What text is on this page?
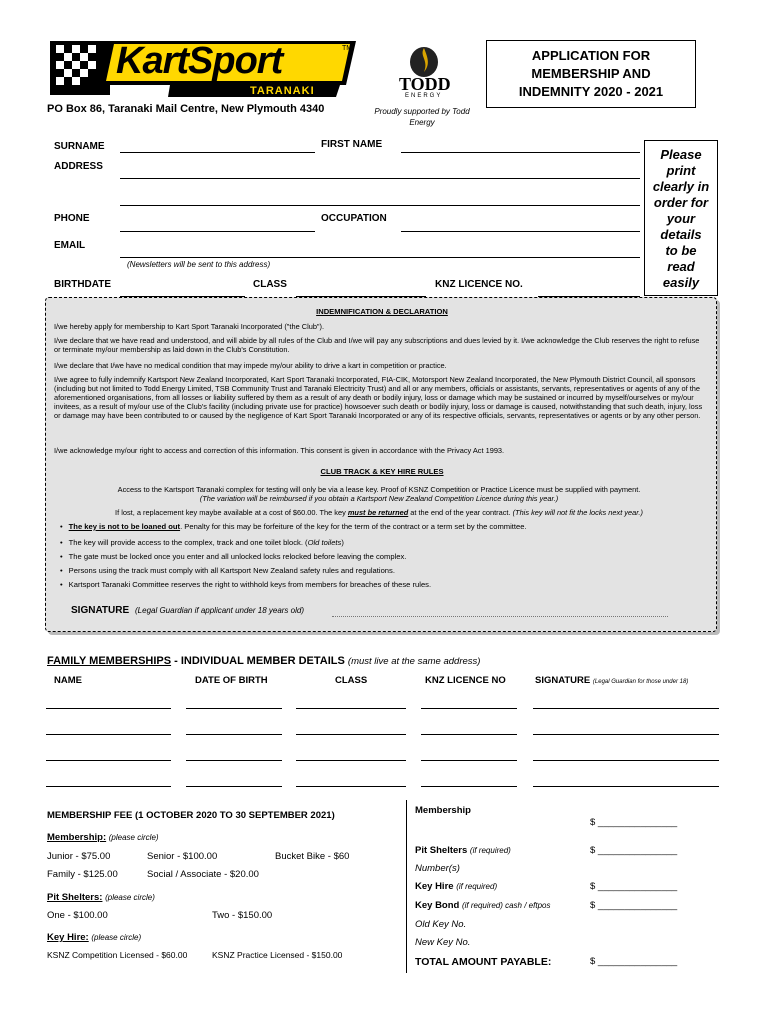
KartSport	TM
TARANAKI
PO Box 86, Taranaki Mail Centre, New Plymouth 4340
TODD
ENERGY
Proudly supported by Todd Energy
APPLICATION FOR
MEMBERSHIP AND
INDEMNITY 2020 - 2021
SURNAME	FIRST NAME
ADDRESS
PHONE	OCCUPATION
EMAIL
(Newsletters will be sent to this address)
BIRTHDATE	CLASS	KNZ LICENCE NO.
Please
print
clearly in
order for
your
details
to be
read
easily
INDEMNIFICATION & DECLARATION
I/we hereby apply for membership to Kart Sport Taranaki Incorporated ("the Club").
I/we declare that we have read and understood, and will abide by all rules of the Club and I/we will pay any subscriptions and dues levied by it. I/we acknowledge the Club reserves the right to refuse or terminate my/our membership as laid down in the Club's Constitution.
I/we declare that I/we have no medical condition that may impede my/our ability to drive a kart in competition or practice.
I/we agree to fully indemnify Kartsport New Zealand Incorporated, Kart Sport Taranaki Incorporated, FIA-CIK, Motorsport New Zealand Incorporated, the New Plymouth District Council, all sponsors (including but not limited to Todd Energy Limited, TSB Community Trust and Taranaki Electricity Trust) and all or any members, officials or assistants, servants, representatives or agents of any of the aforementioned organisations, from all losses or liability suffered by them as a result of any death or bodily injury, loss or damage which may be sustained or incurred by myself/ourselves or my/our invitees, as a result of my/our use of the Club's facility (including private use for practice) howsoever such death or bodily injury, loss or damage is caused, notwithstanding that such death, injury, loss or damage may have been contributed to or caused by the negligence of Kart Sport Taranaki Incorporated or any of its respective officials, servants, representatives or agents or by any other person.
I/we acknowledge my/our right to access and correction of this information. This consent is given in accordance with the Privacy Act 1993.
CLUB TRACK & KEY HIRE RULES
Access to the Kartsport Taranaki complex for testing will only be via a lease key. Proof of KSNZ Competition or Practice Licence must be supplied with payment.
(The variation will be reimbursed if you obtain a Kartsport New Zealand Competition Licence during this year.)
If lost, a replacement key maybe available at a cost of $60.00. The key must be returned at the end of the year contract. (This key will not fit the locks next year.)
• The key is not to be loaned out. Penalty for this may be forfeiture of the key for the term of the contract or a term set by the committee.
• The key will provide access to the complex, track and one toilet block. (Old toilets)
• The gate must be locked once you enter and all unlocked locks relocked before leaving the complex.
• Persons using the track must comply with all Kartsport New Zealand safety rules and regulations.
• Kartsport Taranaki Committee reserves the right to withhold keys from members for breaches of these rules.
SIGNATURE (Legal Guardian if applicant under 18 years old)
FAMILY MEMBERSHIPS - INDIVIDUAL MEMBER DETAILS (must live at the same address)
NAME	DATE OF BIRTH	CLASS	KNZ LICENCE NO	SIGNATURE (Legal Guardian for those under 18)
MEMBERSHIP FEE (1 OCTOBER 2020 TO 30 SEPTEMBER 2021)
Membership: (please circle)
Junior - $75.00	Senior - $100.00	Bucket Bike - $60
Family - $125.00	Social / Associate - $20.00
Pit Shelters: (please circle)
One - $100.00	Two - $150.00
Key Hire: (please circle)
KSNZ Competition Licensed - $60.00	KSNZ Practice Licensed - $150.00
Membership
$ _______________
Pit Shelters (if required)	$ _______________
Number(s)
Key Hire (if required)	$ _______________
Key Bond (if required) cash / eftpos	$ _______________
Old Key No.
New Key No.
TOTAL AMOUNT PAYABLE:	$ _______________
